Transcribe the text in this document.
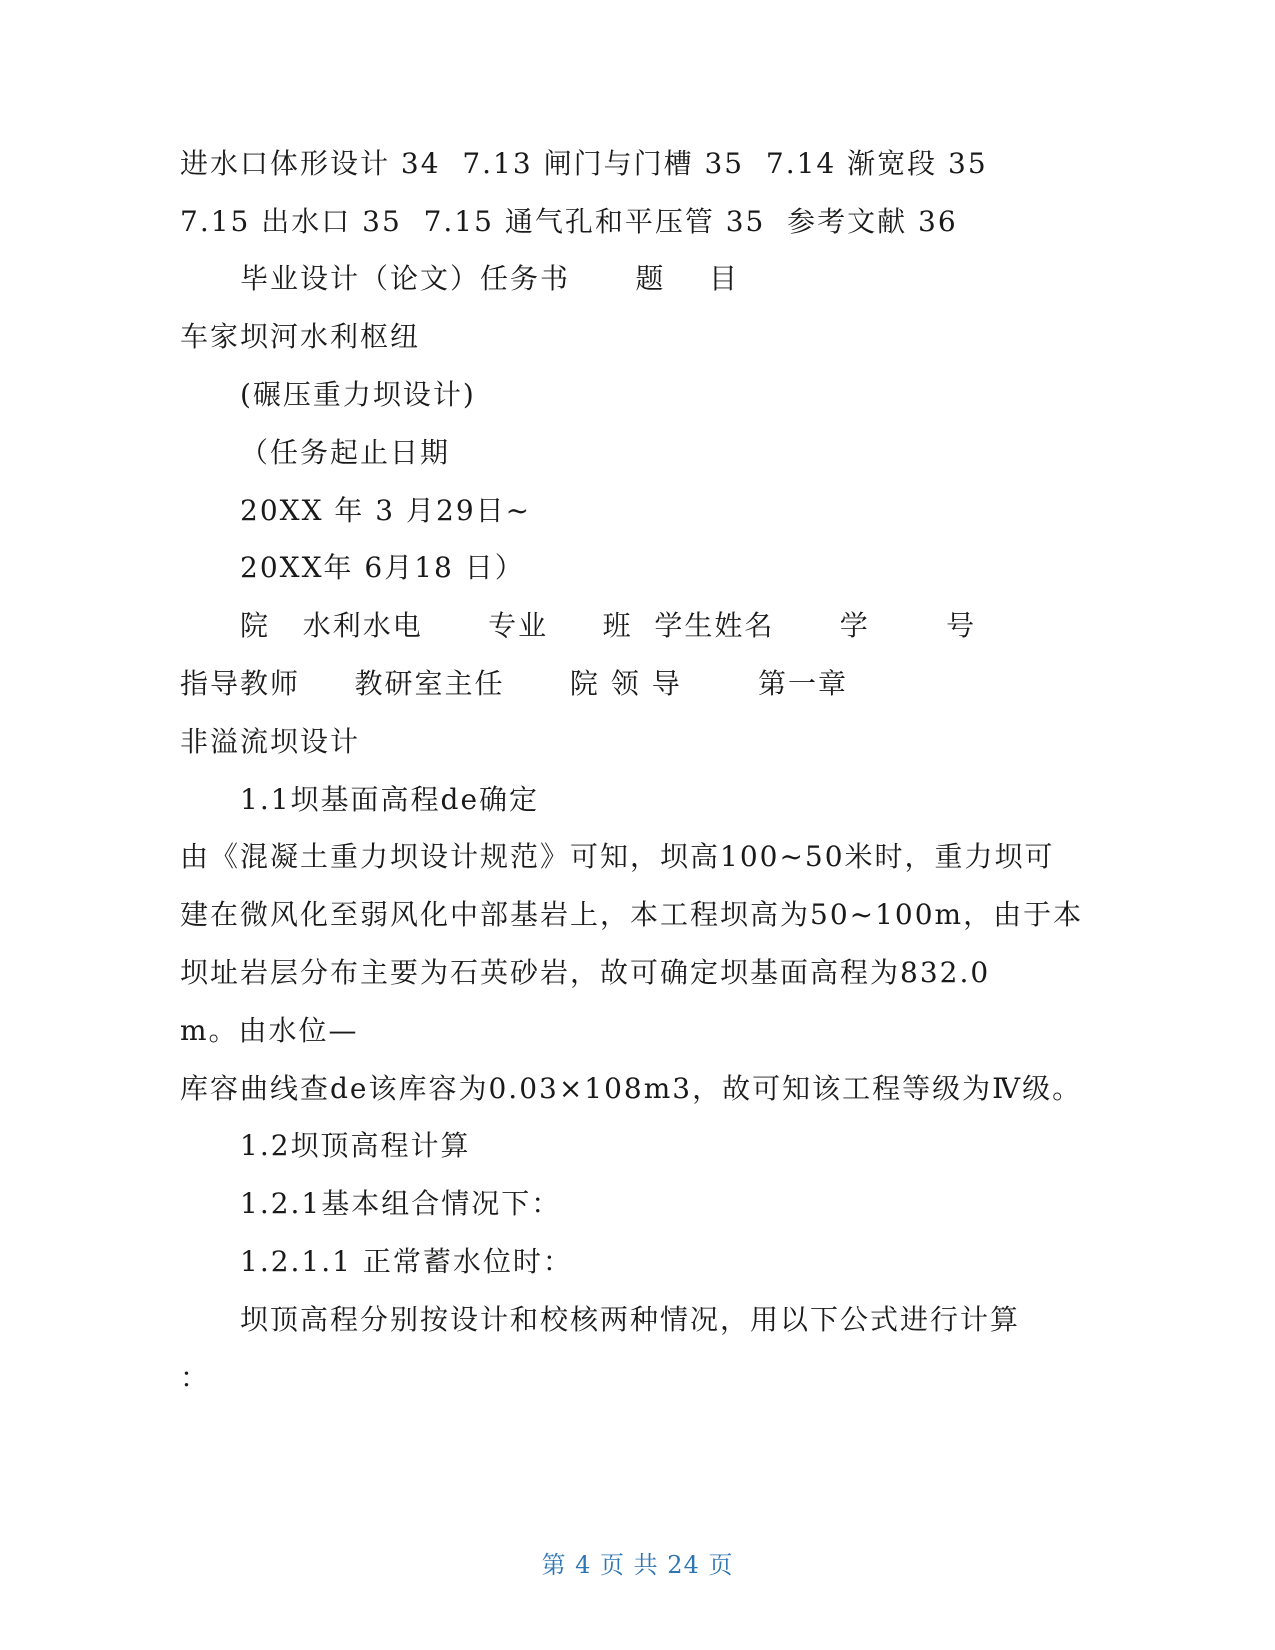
进水口体形设计 34  7.13 闸门与门槽 35  7.14 渐宽段 35
7.15 出水口 35  7.15 通气孔和平压管 35  参考文献 36
毕业设计（论文）任务书      题    目
车家坝河水利枢纽
(碾压重力坝设计)
（任务起止日期
20XX 年 3 月29日~
20XX年 6月18 日）
院   水利水电      专业     班  学生姓名      学       号
指导教师     教研室主任      院 领 导       第一章
非溢流坝设计
1.1坝基面高程de确定
由《混凝土重力坝设计规范》可知，坝高100~50米时，重力坝可
建在微风化至弱风化中部基岩上，本工程坝高为50~100m，由于本
坝址岩层分布主要为石英砂岩，故可确定坝基面高程为832.0
m。由水位—
库容曲线查de该库容为0.03×108m3，故可知该工程等级为Ⅳ级。
1.2坝顶高程计算
1.2.1基本组合情况下：
1.2.1.1 正常蓄水位时：
坝顶高程分别按设计和校核两种情况，用以下公式进行计算
：
第 4 页 共 24 页
